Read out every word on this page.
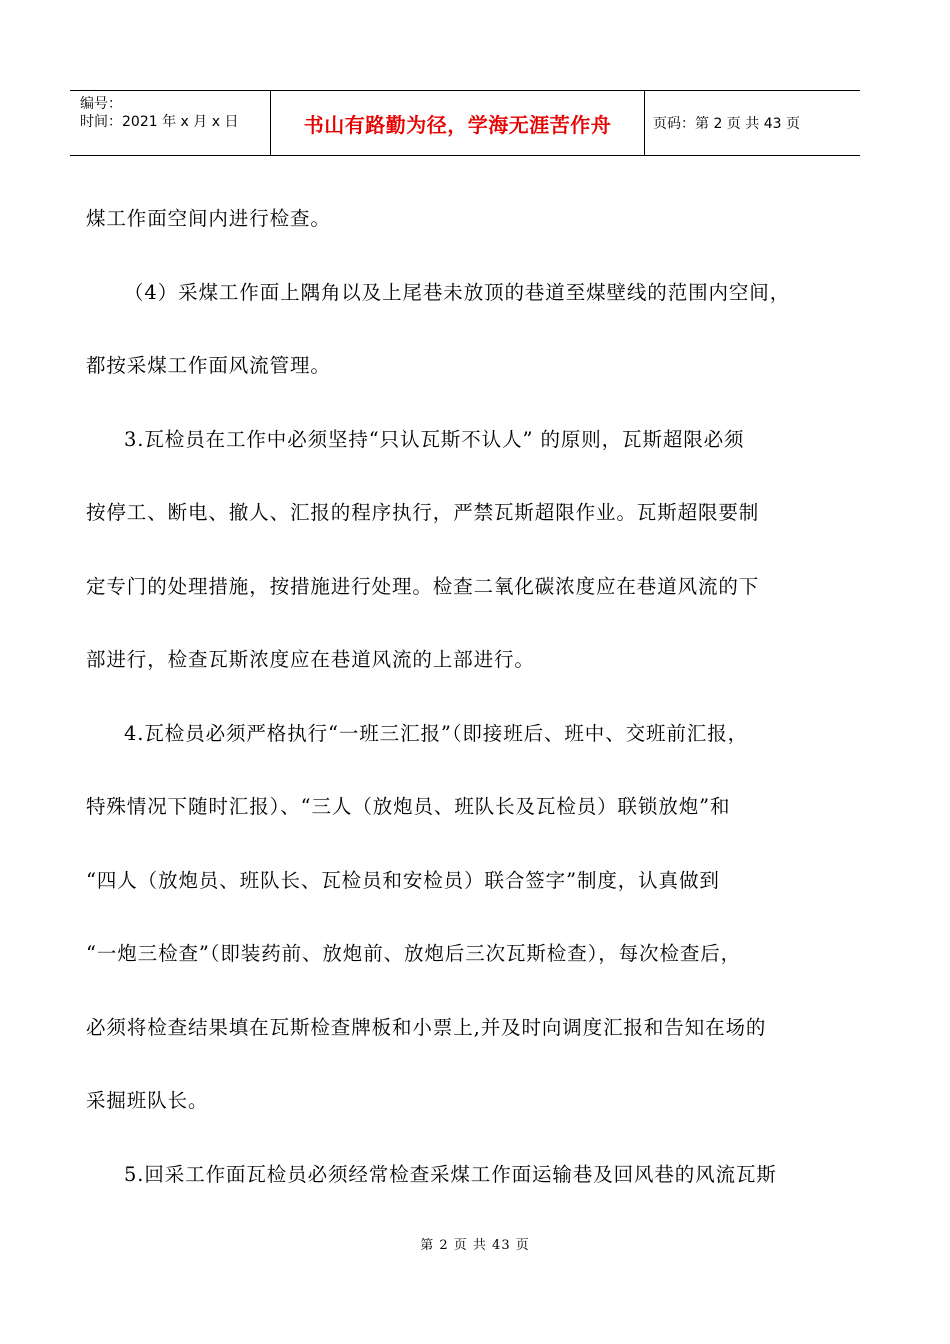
编号：
时间：2021 年 x 月 x 日	书山有路勤为径，学海无涯苦作舟	页码：第 2 页 共 43 页

煤工作面空间内进行检查。

（4）采煤工作面上隅角以及上尾巷未放顶的巷道至煤壁线的范围内空间，

都按采煤工作面风流管理。

3.瓦检员在工作中必须坚持“只认瓦斯不认人” 的原则，瓦斯超限必须

按停工、断电、撤人、汇报的程序执行，严禁瓦斯超限作业。瓦斯超限要制

定专门的处理措施，按措施进行处理。检查二氧化碳浓度应在巷道风流的下

部进行，检查瓦斯浓度应在巷道风流的上部进行。

4.瓦检员必须严格执行“一班三汇报”（即接班后、班中、交班前汇报，

特殊情况下随时汇报）、“三人（放炮员、班队长及瓦检员）联锁放炮”和

“四人（放炮员、班队长、瓦检员和安检员）联合签字”制度，认真做到

“一炮三检查”（即装药前、放炮前、放炮后三次瓦斯检查），每次检查后，

必须将检查结果填在瓦斯检查牌板和小票上,并及时向调度汇报和告知在场的

采掘班队长。

5.回采工作面瓦检员必须经常检查采煤工作面运输巷及回风巷的风流瓦斯

第 2 页 共 43 页
